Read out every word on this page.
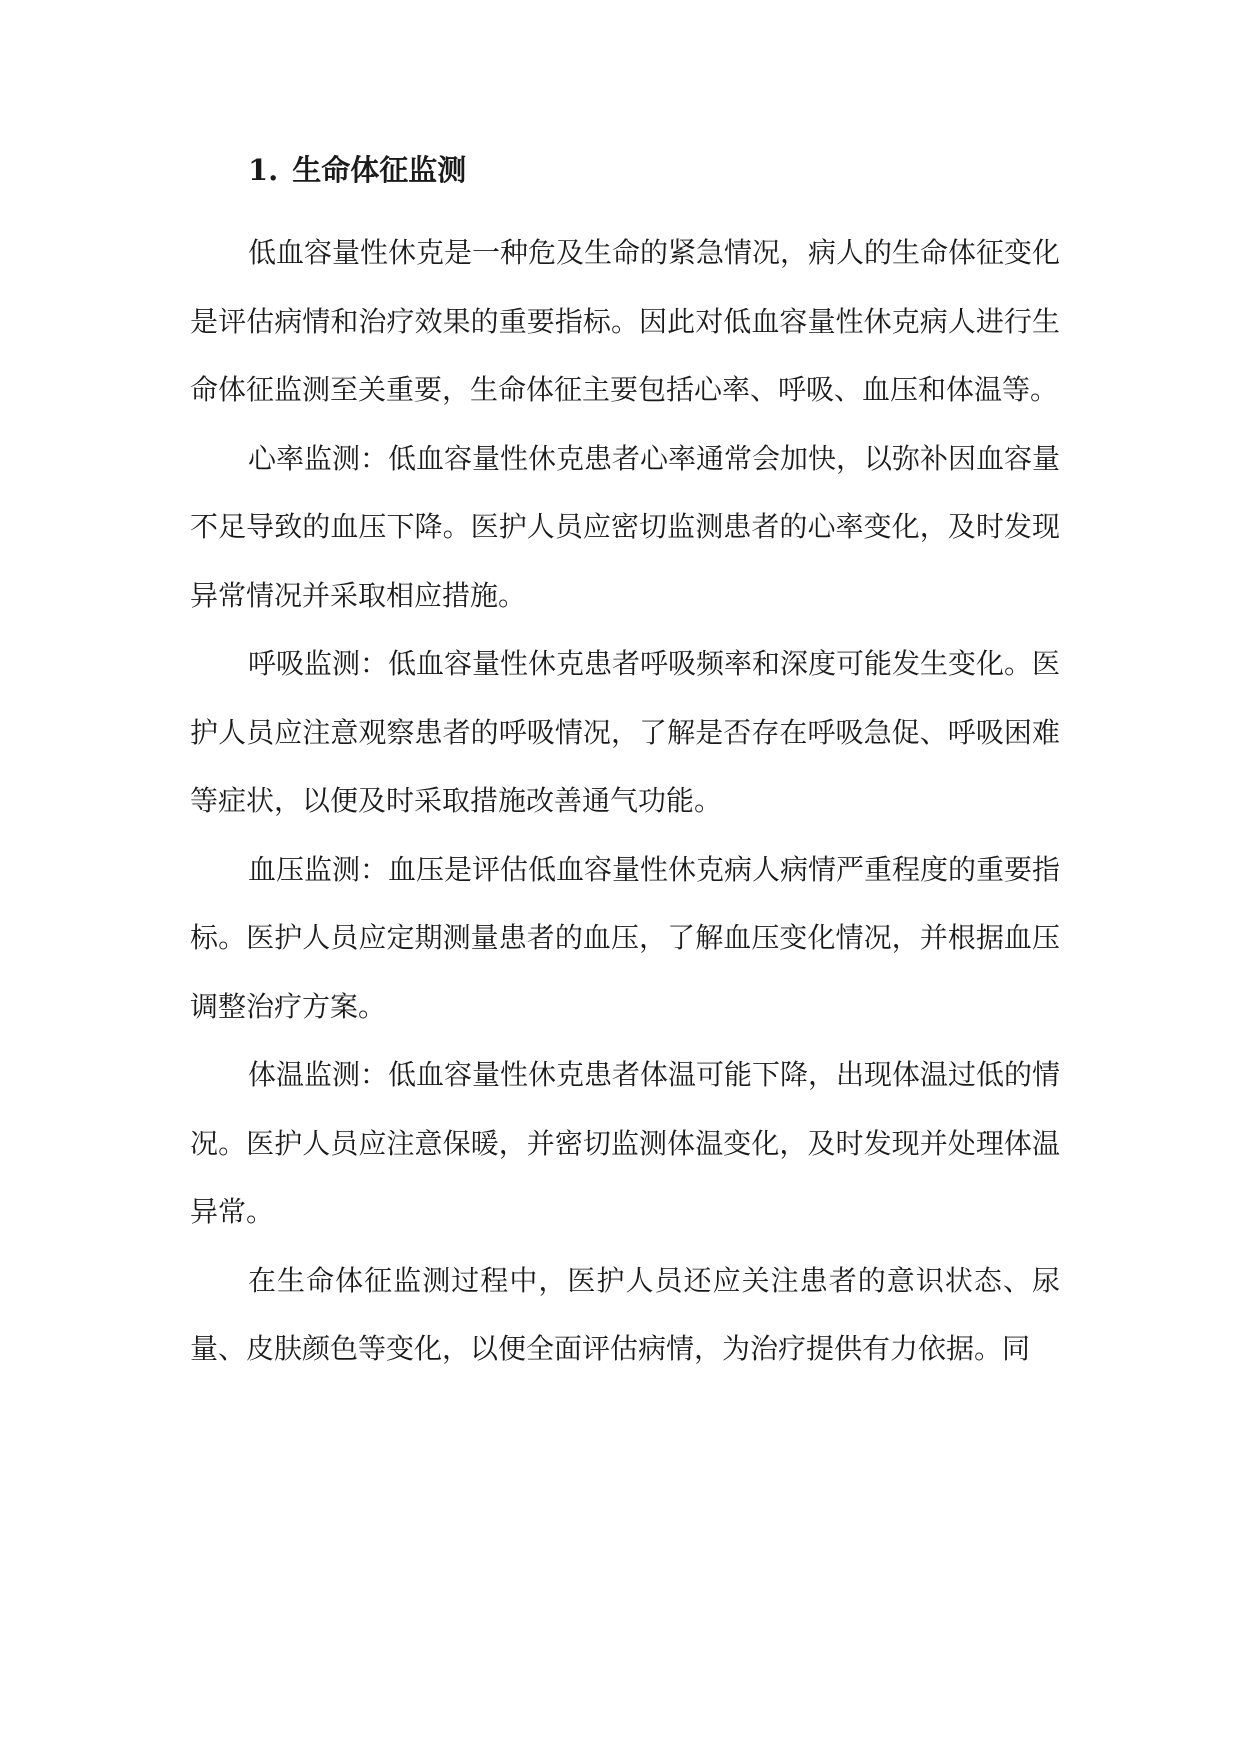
1. 生命体征监测

低血容量性休克是一种危及生命的紧急情况，病人的生命体征变化是评估病情和治疗效果的重要指标。因此对低血容量性休克病人进行生命体征监测至关重要，生命体征主要包括心率、呼吸、血压和体温等。

心率监测：低血容量性休克患者心率通常会加快，以弥补因血容量不足导致的血压下降。医护人员应密切监测患者的心率变化，及时发现异常情况并采取相应措施。

呼吸监测：低血容量性休克患者呼吸频率和深度可能发生变化。医护人员应注意观察患者的呼吸情况，了解是否存在呼吸急促、呼吸困难等症状，以便及时采取措施改善通气功能。

血压监测：血压是评估低血容量性休克病人病情严重程度的重要指标。医护人员应定期测量患者的血压，了解血压变化情况，并根据血压调整治疗方案。

体温监测：低血容量性休克患者体温可能下降，出现体温过低的情况。医护人员应注意保暖，并密切监测体温变化，及时发现并处理体温异常。

在生命体征监测过程中，医护人员还应关注患者的意识状态、尿量、皮肤颜色等变化，以便全面评估病情，为治疗提供有力依据。同
